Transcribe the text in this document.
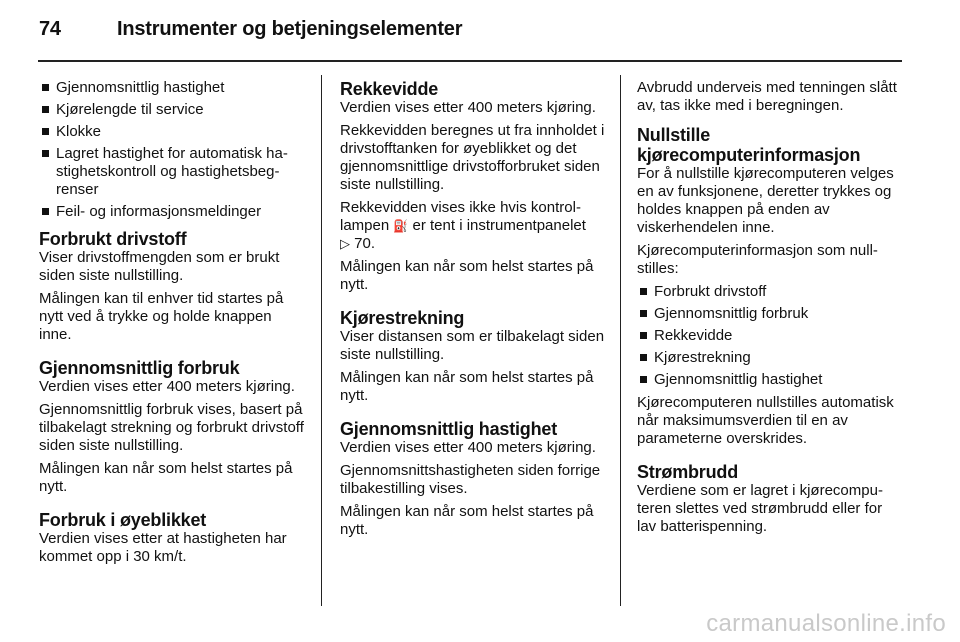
74	Instrumenter og betjeningselementer
Gjennomsnittlig hastighet
Kjørelengde til service
Klokke
Lagret hastighet for automatisk hastighetskontroll og hastighetsbegrenser
Feil- og informasjonsmeldinger
Forbrukt drivstoff

Viser drivstoffmengden som er brukt siden siste nullstilling.

Målingen kan til enhver tid startes på nytt ved å trykke og holde knappen inne.

Gjennomsnittlig forbruk

Verdien vises etter 400 meters kjøring.

Gjennomsnittlig forbruk vises, basert på tilbakelagt strekning og forbrukt drivstoff siden siste nullstilling.

Målingen kan når som helst startes på nytt.

Forbruk i øyeblikket

Verdien vises etter at hastigheten har kommet opp i 30 km/t.

Rekkevidde

Verdien vises etter 400 meters kjøring.

Rekkevidden beregnes ut fra innholdet i drivstofftanken for øyeblikket og det gjennomsnittlige drivstofforbruket siden siste nullstilling.

Rekkevidden vises ikke hvis kontrollampen ⛽ er tent i instrumentpanelet
▷ 70.

Målingen kan når som helst startes på nytt.

Kjørestrekning

Viser distansen som er tilbakelagt siden siste nullstilling.

Målingen kan når som helst startes på nytt.

Gjennomsnittlig hastighet

Verdien vises etter 400 meters kjøring.

Gjennomsnittshastigheten siden forrige tilbakestilling vises.

Målingen kan når som helst startes på nytt.

Avbrudd underveis med tenningen slått av, tas ikke med i beregningen.

Nullstille kjørecomputerinformasjon

For å nullstille kjørecomputeren velges en av funksjonene, deretter trykkes og holdes knappen på enden av viskerhendelen inne.

Kjørecomputerinformasjon som nullstilles:

Forbrukt drivstoff
Gjennomsnittlig forbruk
Rekkevidde
Kjørestrekning
Gjennomsnittlig hastighet

Kjørecomputeren nullstilles automatisk når maksimumsverdien til en av parameterne overskrides.

Strømbrudd

Verdiene som er lagret i kjørecomputeren slettes ved strømbrudd eller for lav batterispenning.

carmanualsonline.info
